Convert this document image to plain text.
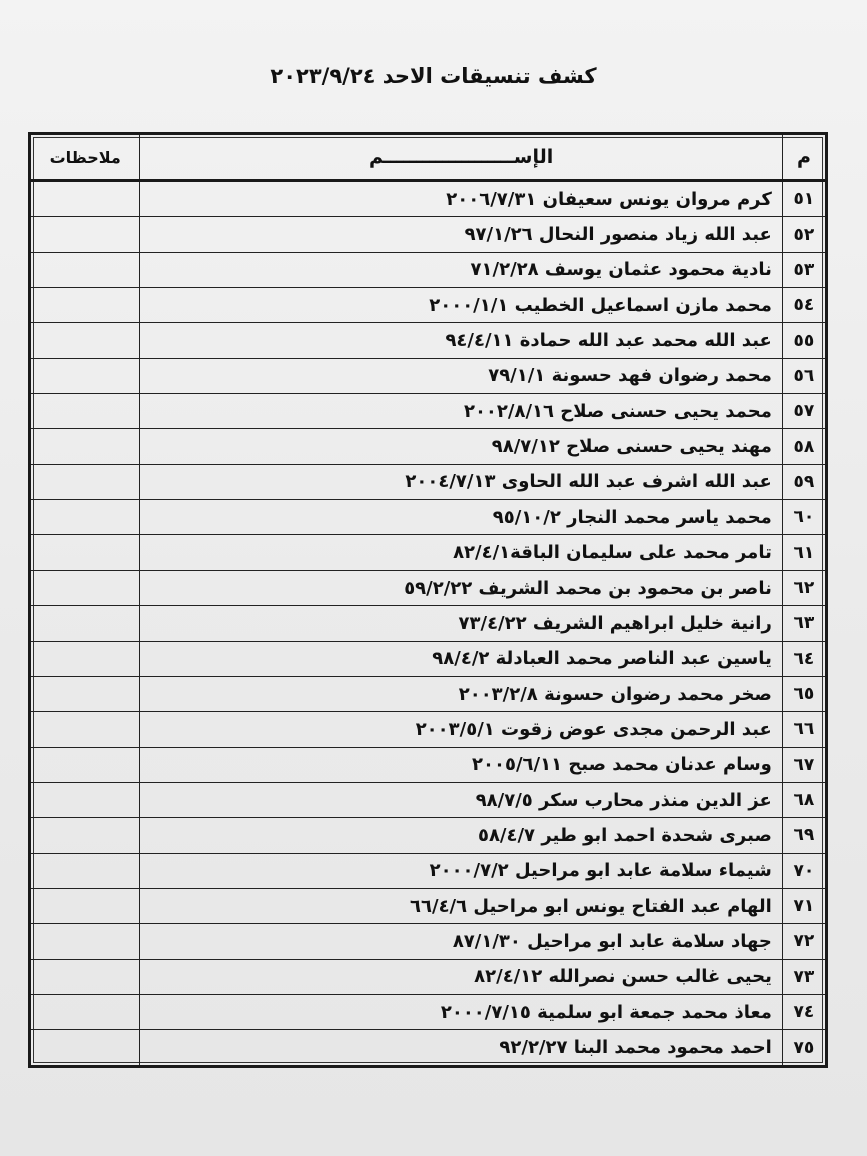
كشف تنسيقات الاحد ٢٠٢٣/٩/٢٤
م	الإســــــــــــــــــــم	ملاحظات
٥١	كرم مروان يونس سعيفان ٢٠٠٦/٧/٣١	
٥٢	عبد الله زياد منصور النحال ٩٧/١/٢٦	
٥٣	نادية محمود عثمان يوسف ٧١/٢/٢٨	
٥٤	محمد مازن اسماعيل الخطيب ٢٠٠٠/١/١	
٥٥	عبد الله محمد عبد الله حمادة ٩٤/٤/١١	
٥٦	محمد رضوان فهد حسونة ٧٩/١/١	
٥٧	محمد يحيى حسنى صلاح ٢٠٠٢/٨/١٦	
٥٨	مهند يحيى حسنى صلاح ٩٨/٧/١٢	
٥٩	عبد الله اشرف عبد الله الحاوى ٢٠٠٤/٧/١٣	
٦٠	محمد ياسر محمد النجار ٩٥/١٠/٢	
٦١	تامر محمد على سليمان الباقة٨٢/٤/١	
٦٢	ناصر بن محمود بن محمد الشريف ٥٩/٢/٢٢	
٦٣	رانية خليل ابراهيم الشريف ٧٣/٤/٢٢	
٦٤	ياسين عبد الناصر محمد العبادلة ٩٨/٤/٢	
٦٥	صخر محمد رضوان حسونة ٢٠٠٣/٢/٨	
٦٦	عبد الرحمن مجدى عوض زقوت ٢٠٠٣/٥/١	
٦٧	وسام عدنان محمد صبح ٢٠٠٥/٦/١١	
٦٨	عز الدين منذر محارب سكر ٩٨/٧/٥	
٦٩	صبرى شحدة احمد ابو طير ٥٨/٤/٧	
٧٠	شيماء سلامة عابد ابو مراحيل ٢٠٠٠/٧/٢	
٧١	الهام عبد الفتاح يونس ابو مراحيل ٦٦/٤/٦	
٧٢	جهاد سلامة عابد ابو مراحيل ٨٧/١/٣٠	
٧٣	يحيى غالب حسن نصرالله ٨٢/٤/١٢	
٧٤	معاذ محمد جمعة ابو سلمية ٢٠٠٠/٧/١٥	
٧٥	احمد محمود محمد البنا ٩٢/٢/٢٧	
